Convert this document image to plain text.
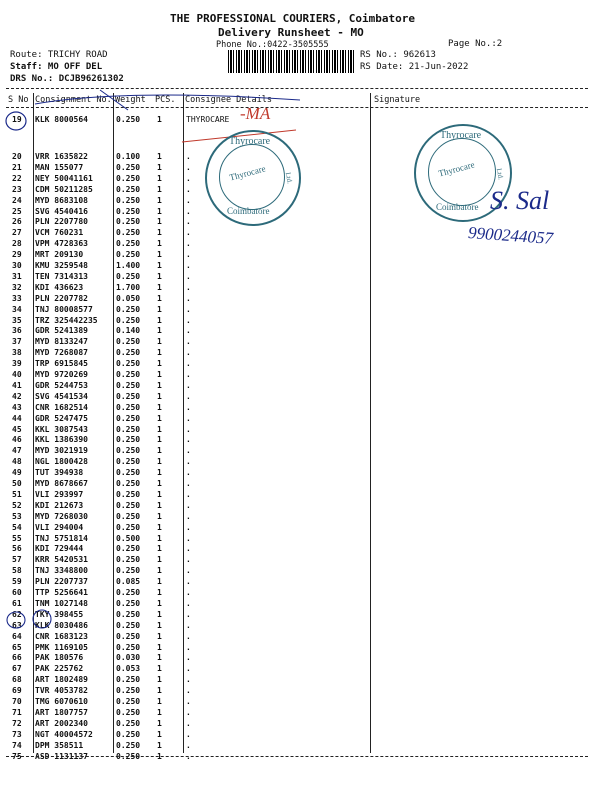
THE PROFESSIONAL COURIERS, Coimbatore
Delivery Runsheet - MO
Phone No.:0422-3505555	Page No.:2
Route: TRICHY ROAD
Staff: MO OFF DEL
DRS No.: DCJB96261302
RS No.: 962613
RS Date: 21-Jun-2022
S No Consignment No. Weight PCS. Consignee Details	Signature
19 KLK 8000564	0.250 1	THYROCARE
20 VRR 1635822	0.100 1	.
21 MAN 155077	0.250 1	.
22 NEY 50041161	0.250 1	.
23 CDM 50211285	0.250 1	.
24 MYD 8683108	0.250 1	.
25 SVG 4540416	0.250 1	.
26 PLN 2207780	0.250 1	.
27 VCM 760231	0.250 1	.
28 VPM 4728363	0.250 1	.
29 MRT 209130	0.250 1	.
30 KMU 3259548	1.400 1	.
31 TEN 7314313	0.250 1	.
32 KDI 436623	1.700 1	.
33 PLN 2207782	0.050 1	.
34 TNJ 80008577	0.250 1	.
35 TRZ 325442235 0.250 1	.
36 GDR 5241389	0.140 1	.
37 MYD 8133247	0.250 1	.
38 MYD 7268087	0.250 1	.
39 TRP 6915845	0.250 1	.
40 MYD 9720269	0.250 1	.
41 GDR 5244753	0.250 1	.
42 SVG 4541534	0.250 1	.
43 CNR 1682514	0.250 1	.
44 GDR 5247475	0.250 1	.
45 KKL 3087543	0.250 1	.
46 KKL 1386390	0.250 1	.
47 MYD 3021919	0.250 1	.
48 NGL 1800428	0.250 1	.
49 TUT 394938	0.250 1	.
50 MYD 8678667	0.250 1	.
51 VLI 293997	0.250 1	.
52 KDI 212673	0.250 1	.
53 MYD 7268030	0.250 1	.
54 VLI 294004	0.250 1	.
55 TNJ 5751814	0.500 1	.
56 KDI 729444	0.250 1	.
57 KRR 5420531	0.250 1	.
58 TNJ 3348800	0.250 1	.
59 PLN 2207737	0.085 1	.
60 TTP 5256641	0.250 1	.
61 TNM 1027148	0.250 1	.
62 TKY 398455	0.250 1	.
63 KLK 8030486	0.250 1	.
64 CNR 1683123	0.250 1	.
65 PMK 1169105	0.250 1	.
66 PAK 180576	0.030 1	.
67 PAK 225762	0.053 1	.
68 ART 1802489	0.250 1	.
69 TVR 4053782	0.250 1	.
70 TMG 6070610	0.250 1	.
71 ART 1807757	0.250 1	.
72 ART 2002340	0.250 1	.
73 NGT 40004572	0.250 1	.
74 DPM 358511	0.250 1	.
75 ASD 1131137	0.250 1	.
-MA
Thyrocare
Thyrocare
Coimbatore
Ltd.
Thyrocare
Thyrocare
Coimbatore
Ltd.
S. Sal
9900244057
